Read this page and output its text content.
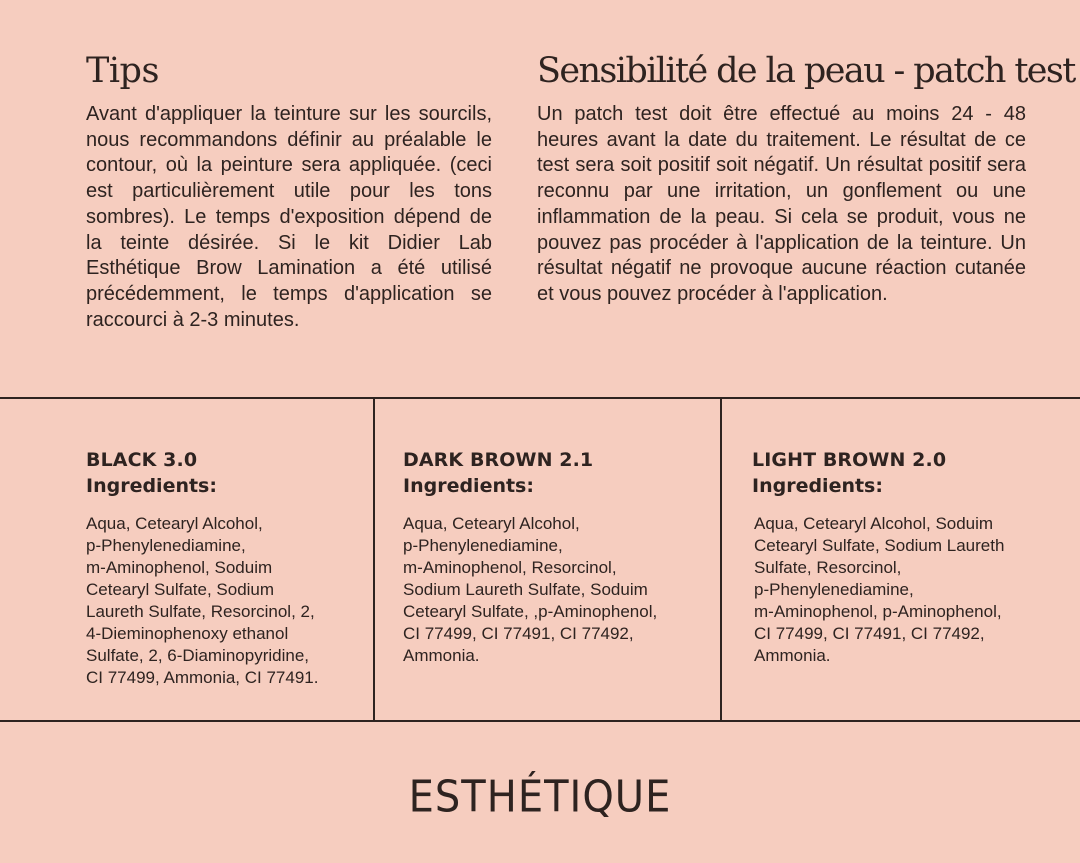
Tips

Avant d'appliquer la teinture sur les sourcils, nous recommandons définir au préalable le contour, où la peinture sera appliquée. (ceci est particulièrement utile pour les tons sombres). Le temps d'exposition dépend de la teinte désirée. Si le kit Didier Lab Esthétique Brow Lamination a été utilisé précédemment, le temps d'application se raccourci à 2-3 minutes.

Sensibilité de la peau - patch test

Un patch test doit être effectué au moins 24 - 48 heures avant la date du traitement. Le résultat de ce test sera soit positif soit négatif. Un résultat positif sera reconnu par une irritation, un gonflement ou une inflammation de la peau. Si cela se produit, vous ne pouvez pas procéder à l'application de la teinture. Un résultat négatif ne provoque aucune réaction cutanée et vous pouvez procéder à l'application.

BLACK 3.0
Ingredients:

Aqua, Cetearyl Alcohol,
p-Phenylenediamine,
m-Aminophenol, Soduim
Cetearyl Sulfate, Sodium
Laureth Sulfate, Resorcinol, 2,
4-Dieminophenoxy ethanol
Sulfate, 2, 6-Diaminopyridine,
CI 77499, Ammonia, CI 77491.

DARK BROWN 2.1
Ingredients:

Aqua, Cetearyl Alcohol,
p-Phenylenediamine,
m-Aminophenol, Resorcinol,
Sodium Laureth Sulfate, Soduim
Cetearyl Sulfate, ,p-Aminophenol,
CI 77499, CI 77491, CI 77492,
Ammonia.

LIGHT BROWN 2.0
Ingredients:

Aqua, Cetearyl Alcohol, Soduim
Cetearyl Sulfate, Sodium Laureth
Sulfate, Resorcinol,
p-Phenylenediamine,
m-Aminophenol, p-Aminophenol,
CI 77499, CI 77491, CI 77492,
Ammonia.

ESTHÉTIQUE
